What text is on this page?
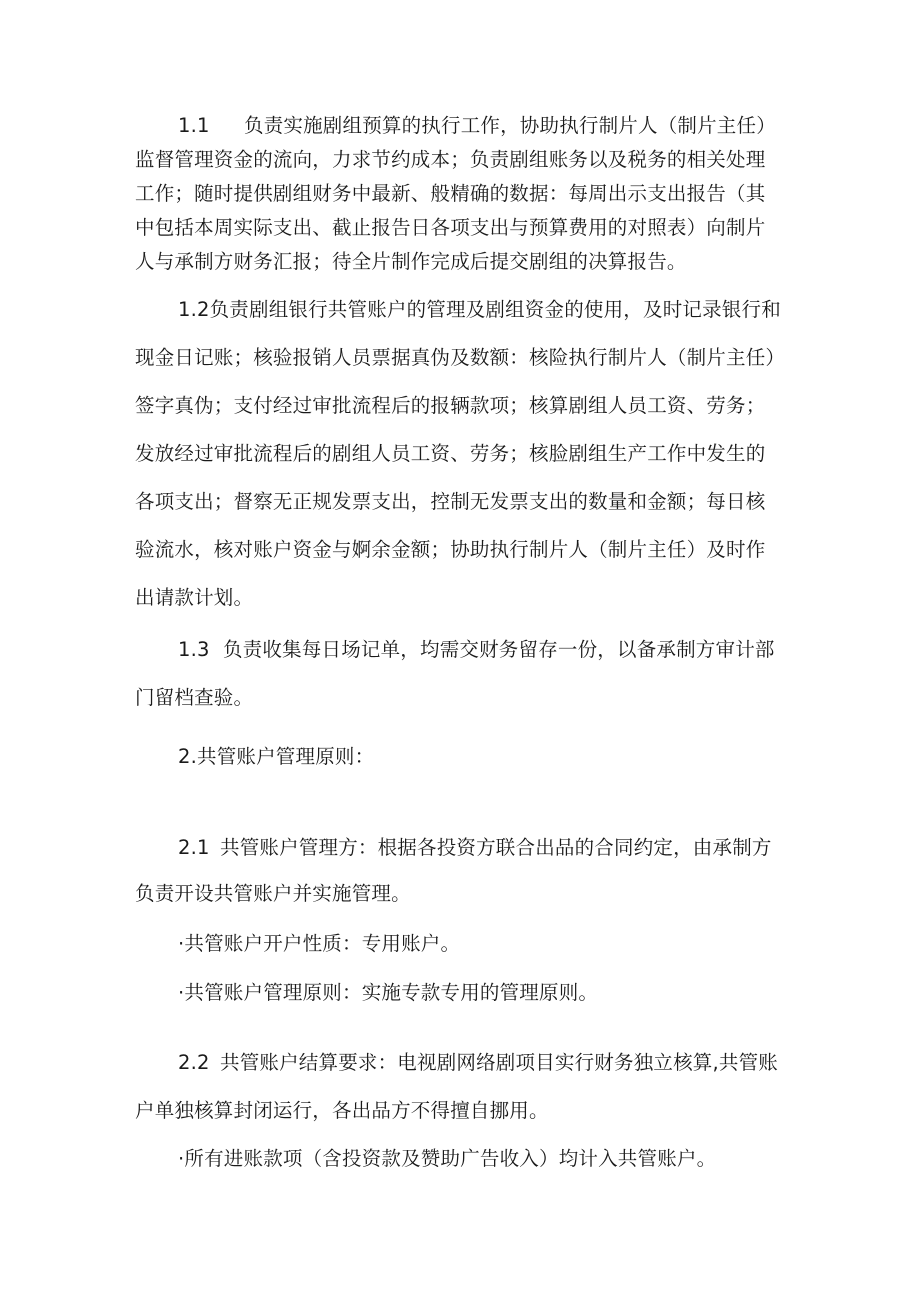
1.1 负责实施剧组预算的执行工作，协助执行制片人（制片主任）
监督管理资金的流向，力求节约成本；负责剧组账务以及税务的相关处理
工作；随时提供剧组财务中最新、般精确的数据：每周出示支出报告（其
中包括本周实际支出、截止报告日各项支出与预算费用的对照表）向制片
人与承制方财务汇报；待全片制作完成后提交剧组的决算报告。
1.2负责剧组银行共管账户的管理及剧组资金的使用，及时记录银行和
现金日记账；核验报销人员票据真伪及数额：核险执行制片人（制片主任）
签字真伪；支付经过审批流程后的报辆款项；核算剧组人员工资、劳务；
发放经过审批流程后的剧组人员工资、劳务；核脸剧组生产工作中发生的
各项支出；督察无正规发票支出，控制无发票支出的数量和金额；每日核
验流水，核对账户资金与婀余金额；协助执行制片人（制片主任）及时作
出请款计划。
1.3 负责收集每日场记单，均需交财务留存一份，以备承制方审计部
门留档查验。
2.共管账户管理原则：
2.1 共管账户管理方：根据各投资方联合出品的合同约定，由承制方
负责开设共管账户并实施管理。
·共管账户开户性质：专用账户。
·共管账户管理原则：实施专款专用的管理原则。
2.2 共管账户结算要求：电视剧网络剧项目实行财务独立核算,共管账
户单独核算封闭运行，各出品方不得擅自挪用。
·所有进账款项（含投资款及赞助广告收入）均计入共管账户。
